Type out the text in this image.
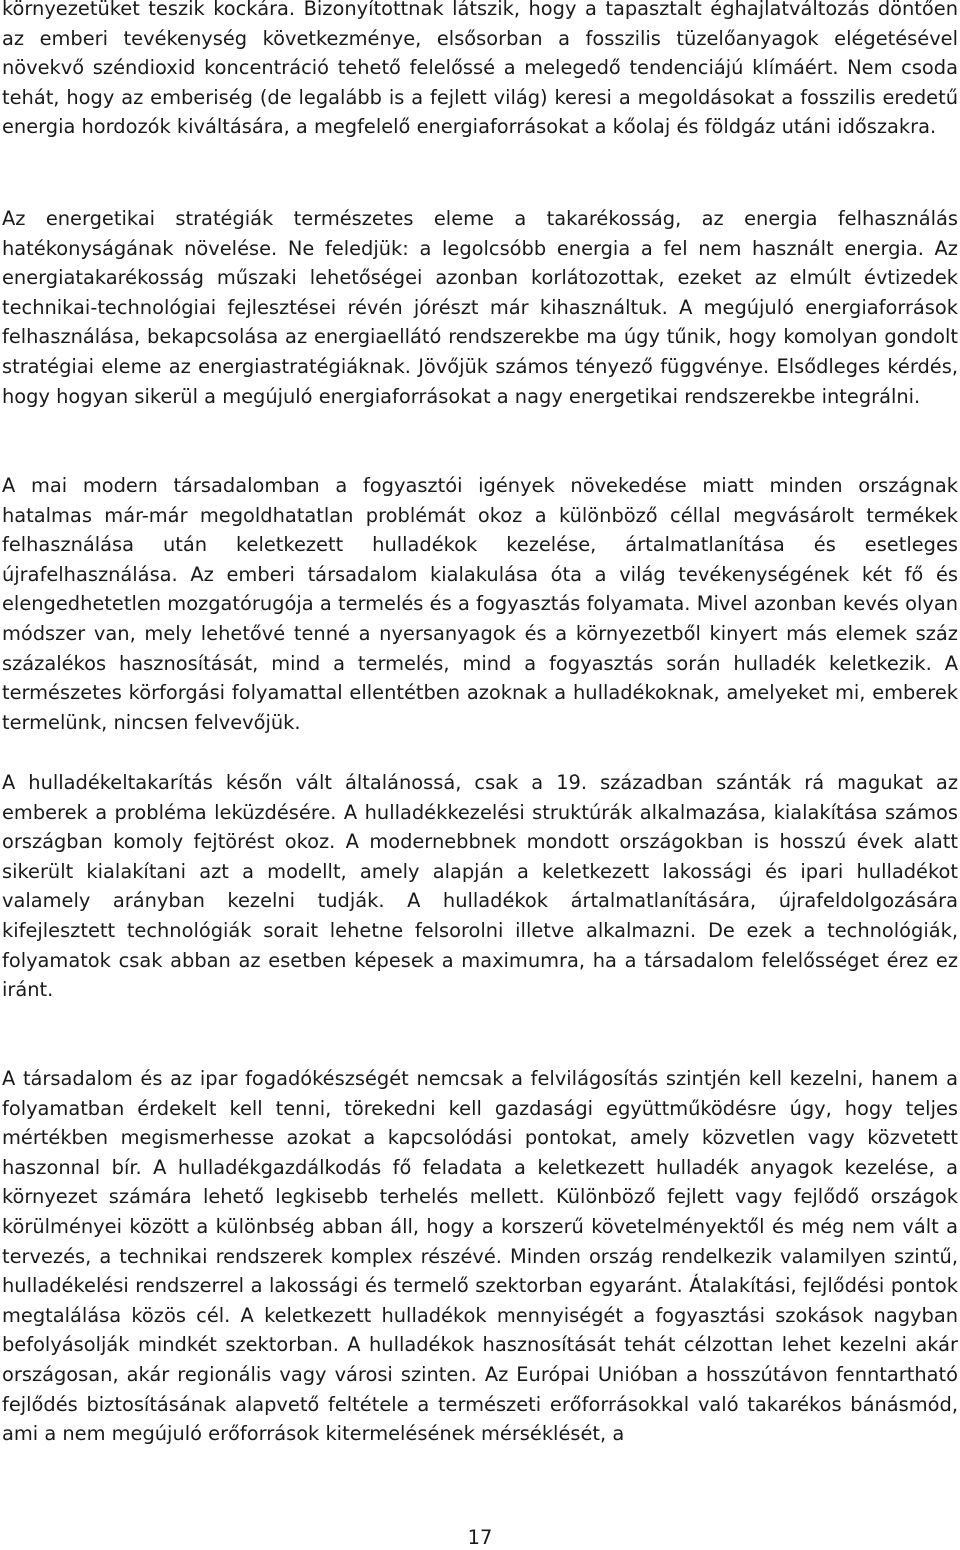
környezetüket teszik kockára. Bizonyítottnak látszik, hogy a tapasztalt éghajlatváltozás döntően az emberi tevékenység következménye, elsősorban a fosszilis tüzelőanyagok elégetésével növekvő széndioxid koncentráció tehető felelőssé a melegedő tendenciájú klímáért. Nem csoda tehát, hogy az emberiség (de legalább is a fejlett világ) keresi a megoldásokat a fosszilis eredetű energia hordozók kiváltására, a megfelelő energiaforrásokat a kőolaj és földgáz utáni időszakra.

Az energetikai stratégiák természetes eleme a takarékosság, az energia felhasználás hatékonyságának növelése. Ne feledjük: a legolcsóbb energia a fel nem használt energia. Az energiatakarékosság műszaki lehetőségei azonban korlátozottak, ezeket az elmúlt évtizedek technikai-technológiai fejlesztései révén jórészt már kihasználtuk. A megújuló energiaforrások felhasználása, bekapcsolása az energiaellátó rendszerekbe ma úgy tűnik, hogy komolyan gondolt stratégiai eleme az energiastratégiáknak. Jövőjük számos tényező függvénye. Elsődleges kérdés, hogy hogyan sikerül a megújuló energiaforrásokat a nagy energetikai rendszerekbe integrálni.

A mai modern társadalomban a fogyasztói igények növekedése miatt minden országnak hatalmas már-már megoldhatatlan problémát okoz a különböző céllal megvásárolt termékek felhasználása után keletkezett hulladékok kezelése, ártalmatlanítása és esetleges újrafelhasználása. Az emberi társadalom kialakulása óta a világ tevékenységének két fő és elengedhetetlen mozgatórugója a termelés és a fogyasztás folyamata. Mivel azonban kevés olyan módszer van, mely lehetővé tenné a nyersanyagok és a környezetből kinyert más elemek száz százalékos hasznosítását, mind a termelés, mind a fogyasztás során hulladék keletkezik. A természetes körforgási folyamattal ellentétben azoknak a hulladékoknak, amelyeket mi, emberek termelünk, nincsen felvevőjük.

A hulladékeltakarítás későn vált általánossá, csak a 19. században szánták rá magukat az emberek a probléma leküzdésére. A hulladékkezelési struktúrák alkalmazása, kialakítása számos országban komoly fejtörést okoz. A modernebbnek mondott országokban is hosszú évek alatt sikerült kialakítani azt a modellt, amely alapján a keletkezett lakossági és ipari hulladékot valamely arányban kezelni tudják. A hulladékok ártalmatlanítására, újrafeldolgozására kifejlesztett technológiák sorait lehetne felsorolni illetve alkalmazni. De ezek a technológiák, folyamatok csak abban az esetben képesek a maximumra, ha a társadalom felelősséget érez ez iránt.

A társadalom és az ipar fogadókészségét nemcsak a felvilágosítás szintjén kell kezelni, hanem a folyamatban érdekelt kell tenni, törekedni kell gazdasági együttműködésre úgy, hogy teljes mértékben megismerhesse azokat a kapcsolódási pontokat, amely közvetlen vagy közvetett haszonnal bír. A hulladékgazdálkodás fő feladata a keletkezett hulladék anyagok kezelése, a környezet számára lehető legkisebb terhelés mellett. Különböző fejlett vagy fejlődő országok körülményei között a különbség abban áll, hogy a korszerű követelményektől és még nem vált a tervezés, a technikai rendszerek komplex részévé. Minden ország rendelkezik valamilyen szintű, hulladékelési rendszerrel a lakossági és termelő szektorban egyaránt. Átalakítási, fejlődési pontok megtalálása közös cél. A keletkezett hulladékok mennyiségét a fogyasztási szokások nagyban befolyásolják mindkét szektorban. A hulladékok hasznosítását tehát célzottan lehet kezelni akár országosan, akár regionális vagy városi szinten. Az Európai Unióban a hosszútávon fenntartható fejlődés biztosításának alapvető feltétele a természeti erőforrásokkal való takarékos bánásmód, ami a nem megújuló erőforrások kitermelésének mérséklését, a

17
